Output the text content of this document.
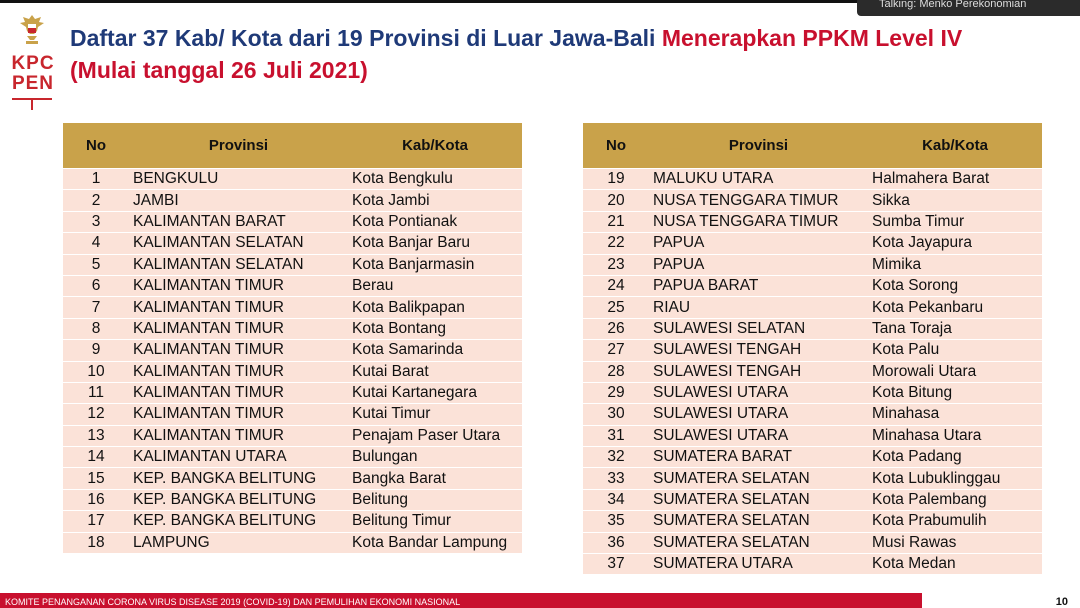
Talking: Menko Perekonomian
KPC
PEN
Daftar 37 Kab/ Kota dari 19 Provinsi di Luar Jawa-Bali Menerapkan PPKM Level IV
(Mulai tanggal 26 Juli 2021)
No	Provinsi	Kab/Kota
1	BENGKULU	Kota Bengkulu
2	JAMBI	Kota Jambi
3	KALIMANTAN BARAT	Kota Pontianak
4	KALIMANTAN SELATAN	Kota Banjar Baru
5	KALIMANTAN SELATAN	Kota Banjarmasin
6	KALIMANTAN TIMUR	Berau
7	KALIMANTAN TIMUR	Kota Balikpapan
8	KALIMANTAN TIMUR	Kota Bontang
9	KALIMANTAN TIMUR	Kota Samarinda
10	KALIMANTAN TIMUR	Kutai Barat
11	KALIMANTAN TIMUR	Kutai Kartanegara
12	KALIMANTAN TIMUR	Kutai Timur
13	KALIMANTAN TIMUR	Penajam Paser Utara
14	KALIMANTAN UTARA	Bulungan
15	KEP. BANGKA BELITUNG	Bangka Barat
16	KEP. BANGKA BELITUNG	Belitung
17	KEP. BANGKA BELITUNG	Belitung Timur
18	LAMPUNG	Kota Bandar Lampung
No	Provinsi	Kab/Kota
19	MALUKU UTARA	Halmahera Barat
20	NUSA TENGGARA TIMUR	Sikka
21	NUSA TENGGARA TIMUR	Sumba Timur
22	PAPUA	Kota Jayapura
23	PAPUA	Mimika
24	PAPUA BARAT	Kota Sorong
25	RIAU	Kota Pekanbaru
26	SULAWESI SELATAN	Tana Toraja
27	SULAWESI TENGAH	Kota Palu
28	SULAWESI TENGAH	Morowali Utara
29	SULAWESI UTARA	Kota Bitung
30	SULAWESI UTARA	Minahasa
31	SULAWESI UTARA	Minahasa Utara
32	SUMATERA BARAT	Kota Padang
33	SUMATERA SELATAN	Kota Lubuklinggau
34	SUMATERA SELATAN	Kota Palembang
35	SUMATERA SELATAN	Kota Prabumulih
36	SUMATERA SELATAN	Musi Rawas
37	SUMATERA UTARA	Kota Medan
KOMITE PENANGANAN CORONA VIRUS DISEASE 2019 (COVID-19) DAN PEMULIHAN EKONOMI NASIONAL	10
